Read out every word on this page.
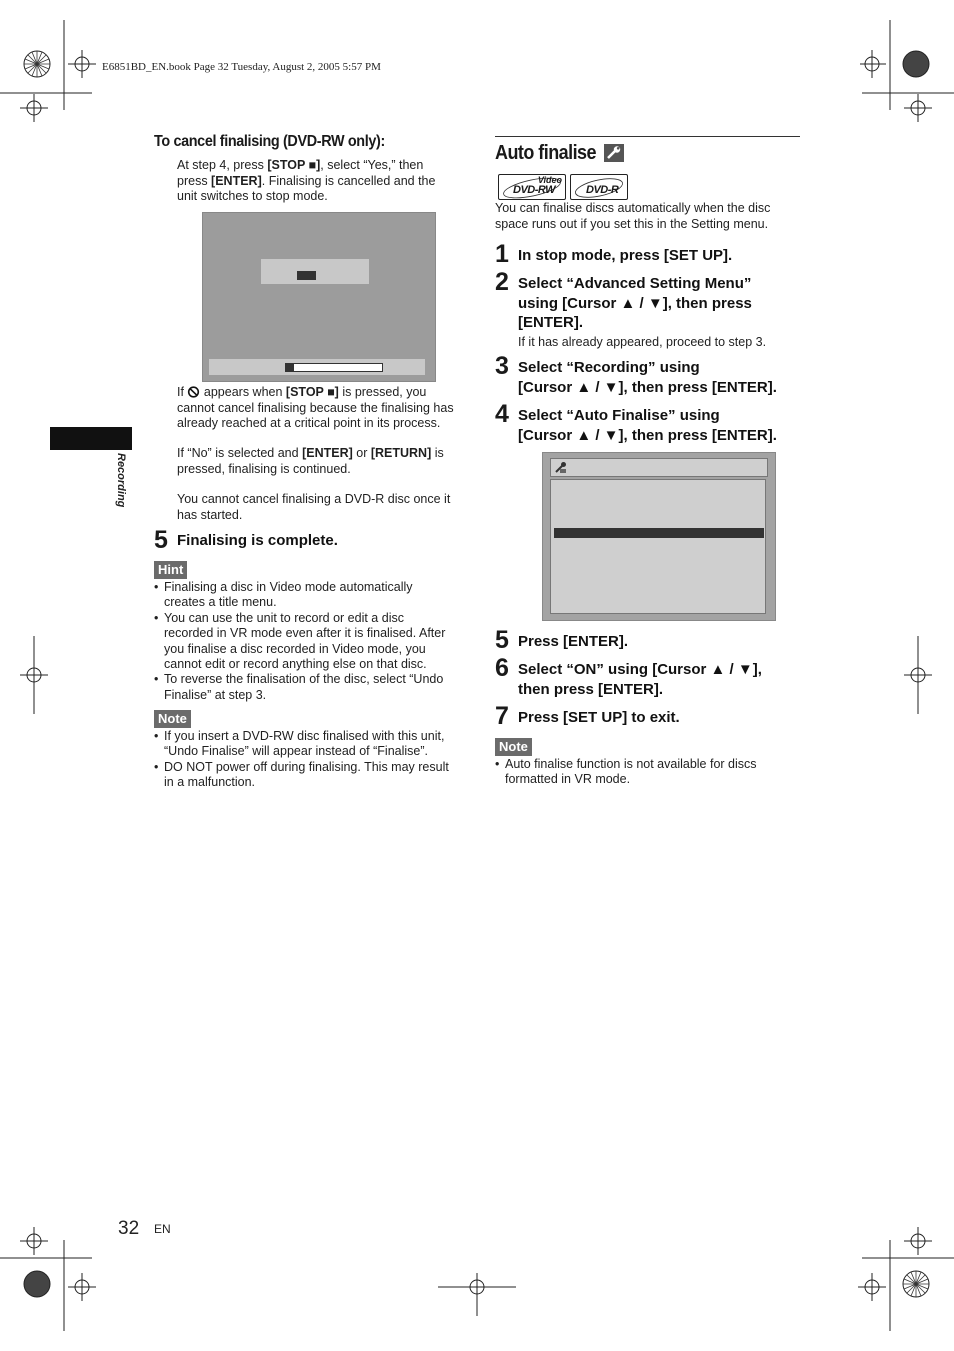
E6851BD_EN.book Page 32 Tuesday, August 2, 2005 5:57 PM
Recording
To cancel finalising (DVD-RW only):
At step 4, press [STOP ■], select “Yes,” then
press [ENTER]. Finalising is cancelled and the
unit switches to stop mode.
If  appears when [STOP ■] is pressed, you
cannot cancel finalising because the finalising has
already reached at a critical point in its process.
If “No” is selected and [ENTER] or [RETURN] is
pressed, finalising is continued.
You cannot cancel finalising a DVD-R disc once it
has started.
5 Finalising is complete.
Hint
• Finalising a disc in Video mode automatically
creates a title menu.
• You can use the unit to record or edit a disc
recorded in VR mode even after it is finalised. After
you finalise a disc recorded in Video mode, you
cannot edit or record anything else on that disc.
• To reverse the finalisation of the disc, select “Undo
Finalise” at step 3.
Note
• If you insert a DVD-RW disc finalised with this unit,
“Undo Finalise” will appear instead of “Finalise”.
• DO NOT power off during finalising. This may result
in a malfunction.
Auto finalise
Video
DVD-RW	DVD-R
You can finalise discs automatically when the disc
space runs out if you set this in the Setting menu.
1 In stop mode, press [SET UP].
2 Select “Advanced Setting Menu”
using [Cursor ▲ / ▼], then press
[ENTER].
If it has already appeared, proceed to step 3.
3 Select “Recording” using
[Cursor ▲ / ▼], then press [ENTER].
4 Select “Auto Finalise” using
[Cursor ▲ / ▼], then press [ENTER].
5 Press [ENTER].
6 Select “ON” using [Cursor ▲ / ▼],
then press [ENTER].
7 Press [SET UP] to exit.
Note
• Auto finalise function is not available for discs
formatted in VR mode.
32 EN
